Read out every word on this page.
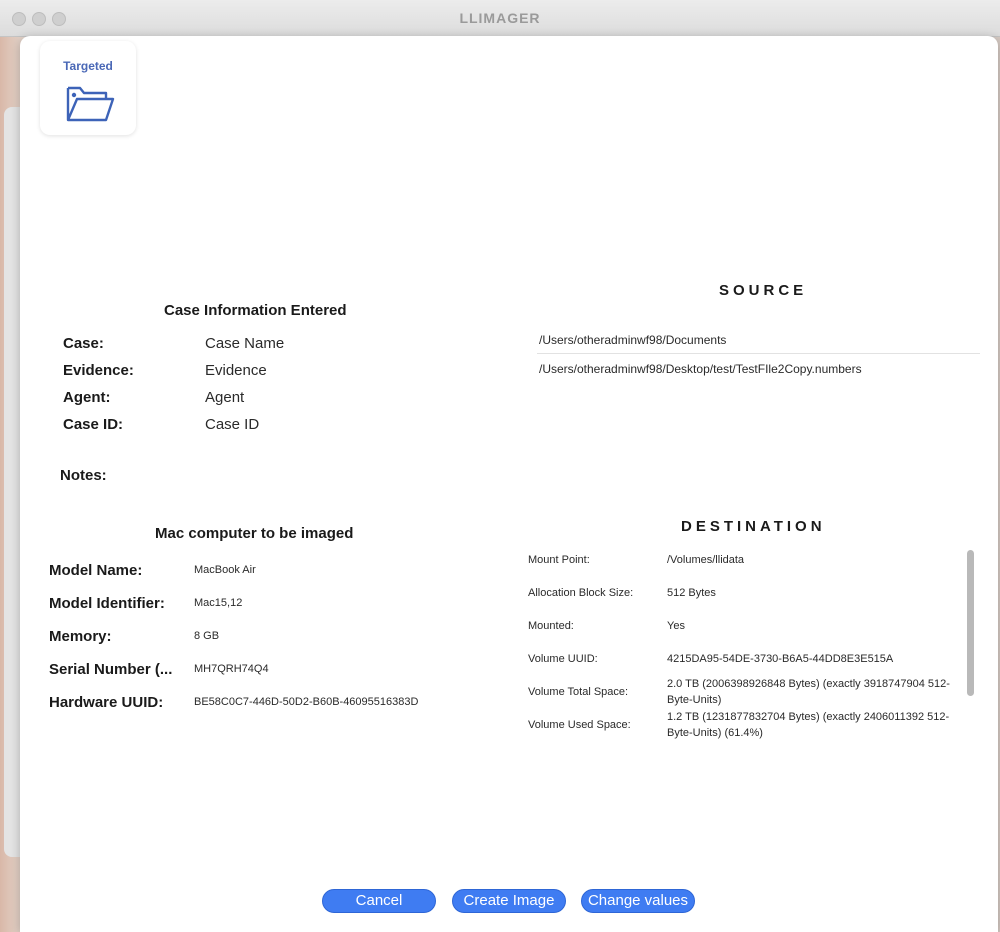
LLIMAGER
Targeted
Case Information Entered
Case:	Case Name
Evidence:	Evidence
Agent:	Agent
Case ID:	Case ID
Notes:
Mac computer to be imaged
Model Name:	MacBook Air
Model Identifier:	Mac15,12
Memory:	8 GB
Serial Number (... MH7QRH74Q4
Hardware UUID:	BE58C0C7-446D-50D2-B60B-46095516383D
SOURCE
/Users/otheradminwf98/Documents
/Users/otheradminwf98/Desktop/test/TestFIle2Copy.numbers
DESTINATION
Mount Point:	/Volumes/llidata
Allocation Block Size:	512 Bytes
Mounted:	Yes
Volume UUID:	4215DA95-54DE-3730-B6A5-44DD8E3E515A
Volume Total Space:
2.0 TB (2006398926848 Bytes) (exactly 3918747904 512-Byte-Units)
Volume Used Space:
1.2 TB (1231877832704 Bytes) (exactly 2406011392 512-Byte-Units) (61.4%)
Cancel	Create Image	Change values
